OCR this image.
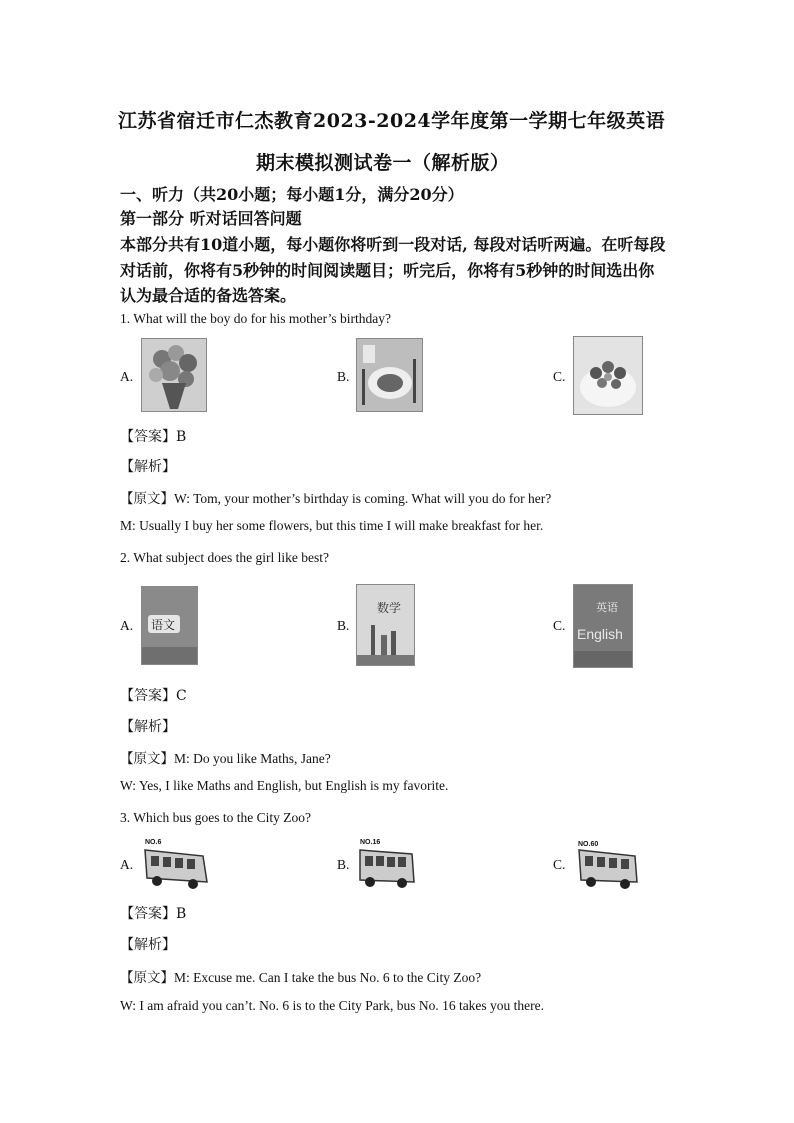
江苏省宿迁市仁杰教育2023-2024学年度第一学期七年级英语
期末模拟测试卷一（解析版）
一、听力（共20小题；每小题1分，满分20分）
第一部分 听对话回答问题
本部分共有10道小题，每小题你将听到一段对话, 每段对话听两遍。在听每段
对话前，你将有5秒钟的时间阅读题目；听完后，你将有5秒钟的时间选出你
认为最合适的备选答案。
1. What will the boy do for his mother’s birthday?
A.	B.	C.
【答案】B
【解析】
【原文】W: Tom, your mother’s birthday is coming. What will you do for her?
M: Usually I buy her some flowers, but this time I will make breakfast for her.
2. What subject does the girl like best?
A. 语文	B.
数学
C.
英语
English
【答案】C
【解析】
【原文】M: Do you like Maths, Jane?
W: Yes, I like Maths and English, but English is my favorite.
3. Which bus goes to the City Zoo?
A.
NO.6
B.
NO.16
C.
NO.60
【答案】B
【解析】
【原文】M: Excuse me. Can I take the bus No. 6 to the City Zoo?
W: I am afraid you can’t. No. 6 is to the City Park, bus No. 16 takes you there.
